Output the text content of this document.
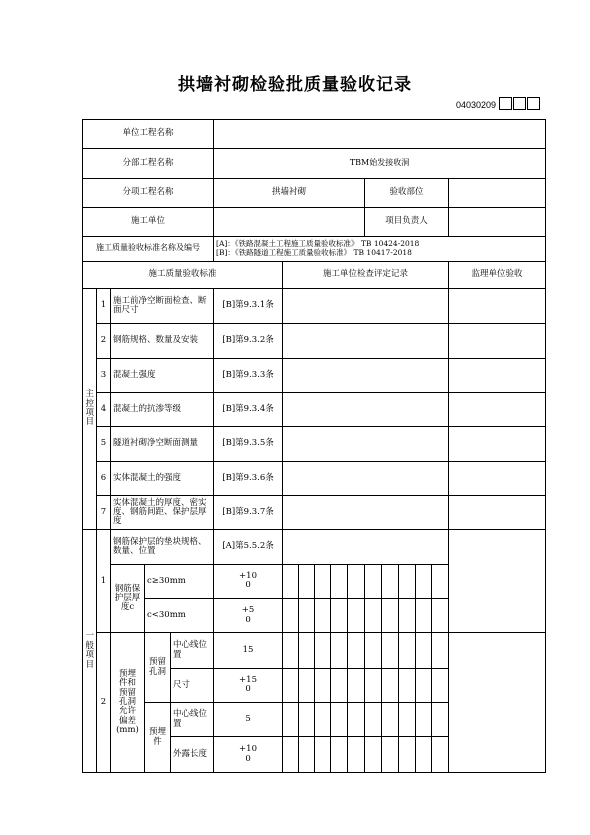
拱墙衬砌检验批质量验收记录
04030209
单位工程名称																
分部工程名称					TBM始发接收洞											
分项工程名称					拱墙衬砌						验收部位					
施工单位											项目负责人					
施工质量验收标准名称及编号					[A]：《铁路混凝土工程施工质量验收标准》 TB 10424-2018
[B]：《铁路隧道工程施工质量验收标准》 TB 10417-2018											

施工质量验收标准						施工单位检查评定记录										监理单位验收

主控项目	1	施工前净空断面检查、断面尺寸			[B]第9.3.1条											
	2	钢筋规格、数量及安装			[B]第9.3.2条											
	3	混凝土强度			[B]第9.3.3条											
	4	混凝土的抗渗等级			[B]第9.3.4条											
	5	隧道衬砌净空断面测量			[B]第9.3.5条											
	6	实体混凝土的强度			[B]第9.3.6条											
	7	实体混凝土的厚度、密实度、钢筋间距、保护层厚度			[B]第9.3.7条											

一般项目	1	钢筋保护层的垫块规格、数量、位置			[A]第5.5.2条											

		钢筋保护层厚度c	c≥30mm		+10
0											

			c<30mm		+5
0											

	2	预埋件和预留孔洞允许偏差(mm)	预留孔洞	中心线位置	15											

				尺寸	+15
0											

			预埋件	中心线位置	5											

				外露长度	+10
0											
